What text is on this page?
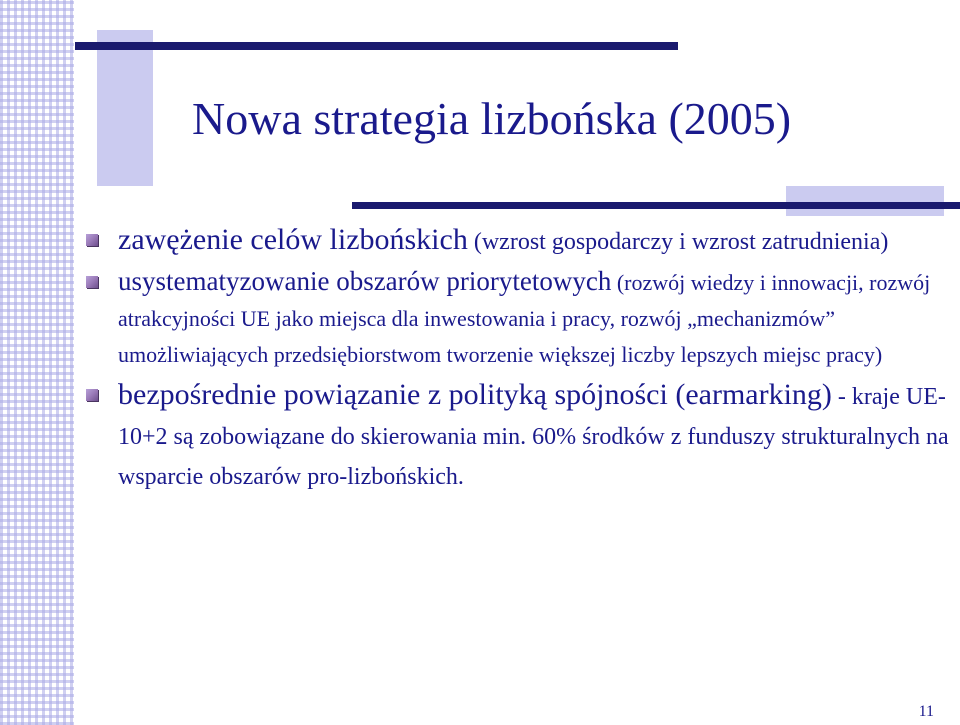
Nowa strategia lizbońska (2005)
zawężenie celów lizbońskich (wzrost gospodarczy i wzrost zatrudnienia)
usystematyzowanie obszarów priorytetowych (rozwój wiedzy i innowacji, rozwój atrakcyjności UE jako miejsca dla inwestowania i pracy, rozwój „mechanizmów” umożliwiających przedsiębiorstwom tworzenie większej liczby lepszych miejsc pracy)
bezpośrednie powiązanie z polityką spójności (earmarking) - kraje UE-10+2 są zobowiązane do skierowania min. 60% środków z funduszy strukturalnych na wsparcie obszarów pro-lizbońskich.
11
